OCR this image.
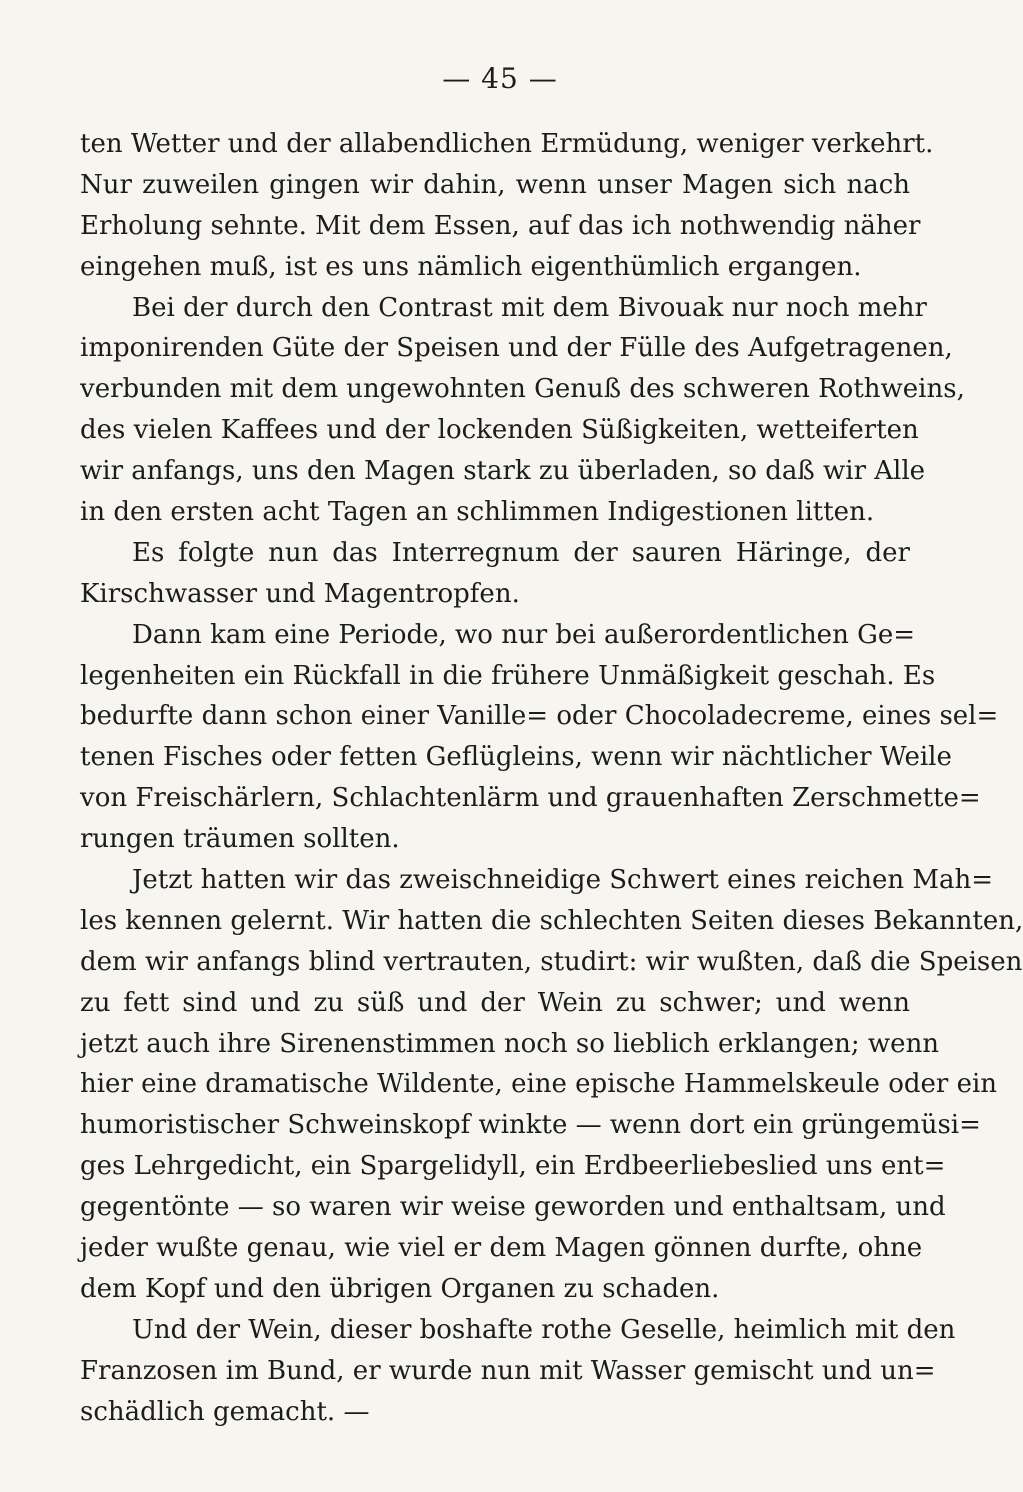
— 45 —
ten Wetter und der allabendlichen Ermüdung, weniger verkehrt.
Nur zuweilen gingen wir dahin, wenn unser Magen sich nach
Erholung sehnte. Mit dem Essen, auf das ich nothwendig näher
eingehen muß, ist es uns nämlich eigenthümlich ergangen.
Bei der durch den Contrast mit dem Bivouak nur noch mehr
imponirenden Güte der Speisen und der Fülle des Aufgetragenen,
verbunden mit dem ungewohnten Genuß des schweren Rothweins,
des vielen Kaffees und der lockenden Süßigkeiten, wetteiferten
wir anfangs, uns den Magen stark zu überladen, so daß wir Alle
in den ersten acht Tagen an schlimmen Indigestionen litten.
Es folgte nun das Interregnum der sauren Häringe, der
Kirschwasser und Magentropfen.
Dann kam eine Periode, wo nur bei außerordentlichen Ge=
legenheiten ein Rückfall in die frühere Unmäßigkeit geschah. Es
bedurfte dann schon einer Vanille= oder Chocoladecreme, eines sel=
tenen Fisches oder fetten Geflügleins, wenn wir nächtlicher Weile
von Freischärlern, Schlachtenlärm und grauenhaften Zerschmette=
rungen träumen sollten.
Jetzt hatten wir das zweischneidige Schwert eines reichen Mah=
les kennen gelernt. Wir hatten die schlechten Seiten dieses Bekannten,
dem wir anfangs blind vertrauten, studirt: wir wußten, daß die Speisen
zu fett sind und zu süß und der Wein zu schwer; und wenn
jetzt auch ihre Sirenenstimmen noch so lieblich erklangen; wenn
hier eine dramatische Wildente, eine epische Hammelskeule oder ein
humoristischer Schweinskopf winkte — wenn dort ein grüngemüsi=
ges Lehrgedicht, ein Spargelidyll, ein Erdbeerliebeslied uns ent=
gegentönte — so waren wir weise geworden und enthaltsam, und
jeder wußte genau, wie viel er dem Magen gönnen durfte, ohne
dem Kopf und den übrigen Organen zu schaden.
Und der Wein, dieser boshafte rothe Geselle, heimlich mit den
Franzosen im Bund, er wurde nun mit Wasser gemischt und un=
schädlich gemacht. —
